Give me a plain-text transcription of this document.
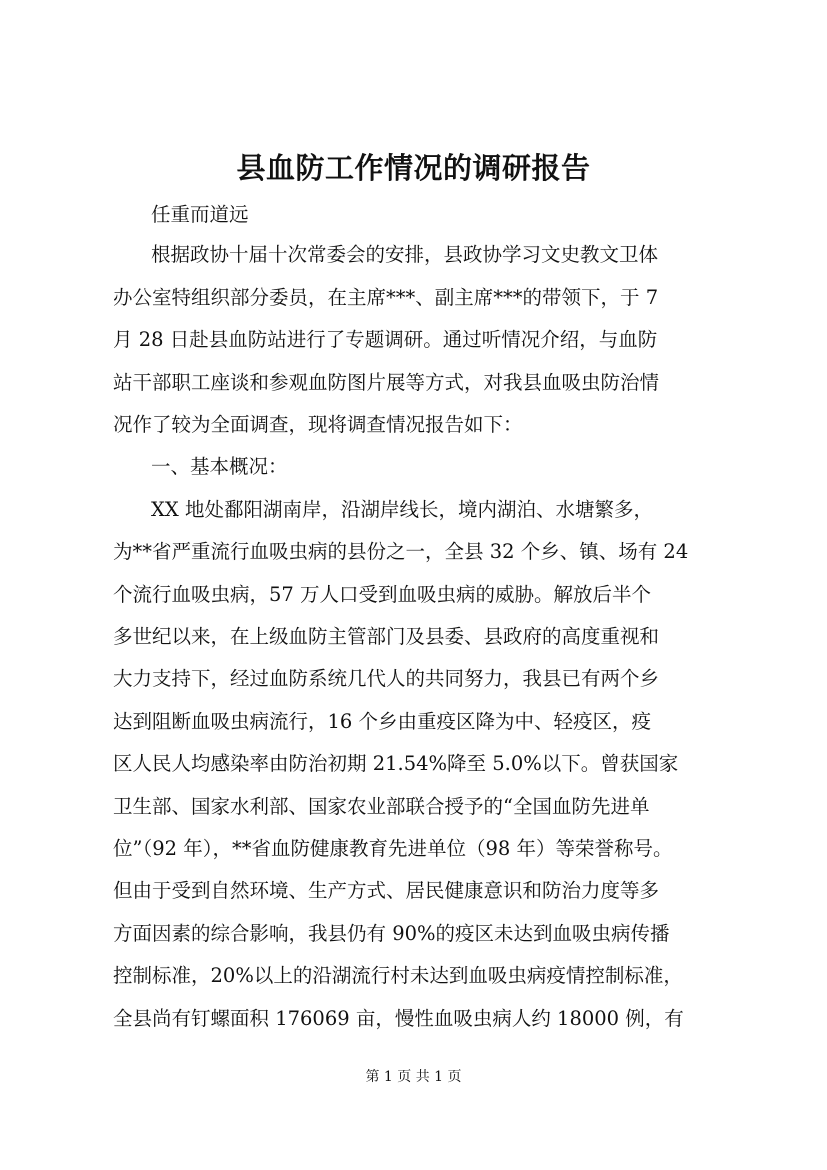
县血防工作情况的调研报告
任重而道远
根据政协十届十次常委会的安排，县政协学习文史教文卫体
办公室特组织部分委员，在主席***、副主席***的带领下，于 7
月 28 日赴县血防站进行了专题调研。通过听情况介绍，与血防
站干部职工座谈和参观血防图片展等方式，对我县血吸虫防治情
况作了较为全面调查，现将调查情况报告如下：
一、基本概况：
XX 地处鄱阳湖南岸，沿湖岸线长，境内湖泊、水塘繁多，
为**省严重流行血吸虫病的县份之一，全县 32 个乡、镇、场有 24
个流行血吸虫病，57 万人口受到血吸虫病的威胁。解放后半个
多世纪以来，在上级血防主管部门及县委、县政府的高度重视和
大力支持下，经过血防系统几代人的共同努力，我县已有两个乡
达到阻断血吸虫病流行，16 个乡由重疫区降为中、轻疫区，疫
区人民人均感染率由防治初期 21.54%降至 5.0%以下。曾获国家
卫生部、国家水利部、国家农业部联合授予的“全国血防先进单
位”（92 年），**省血防健康教育先进单位（98 年）等荣誉称号。
但由于受到自然环境、生产方式、居民健康意识和防治力度等多
方面因素的综合影响，我县仍有 90%的疫区未达到血吸虫病传播
控制标准，20%以上的沿湖流行村未达到血吸虫病疫情控制标准，
全县尚有钉螺面积 176069 亩，慢性血吸虫病人约 18000 例，有
第 1 页 共 1 页
